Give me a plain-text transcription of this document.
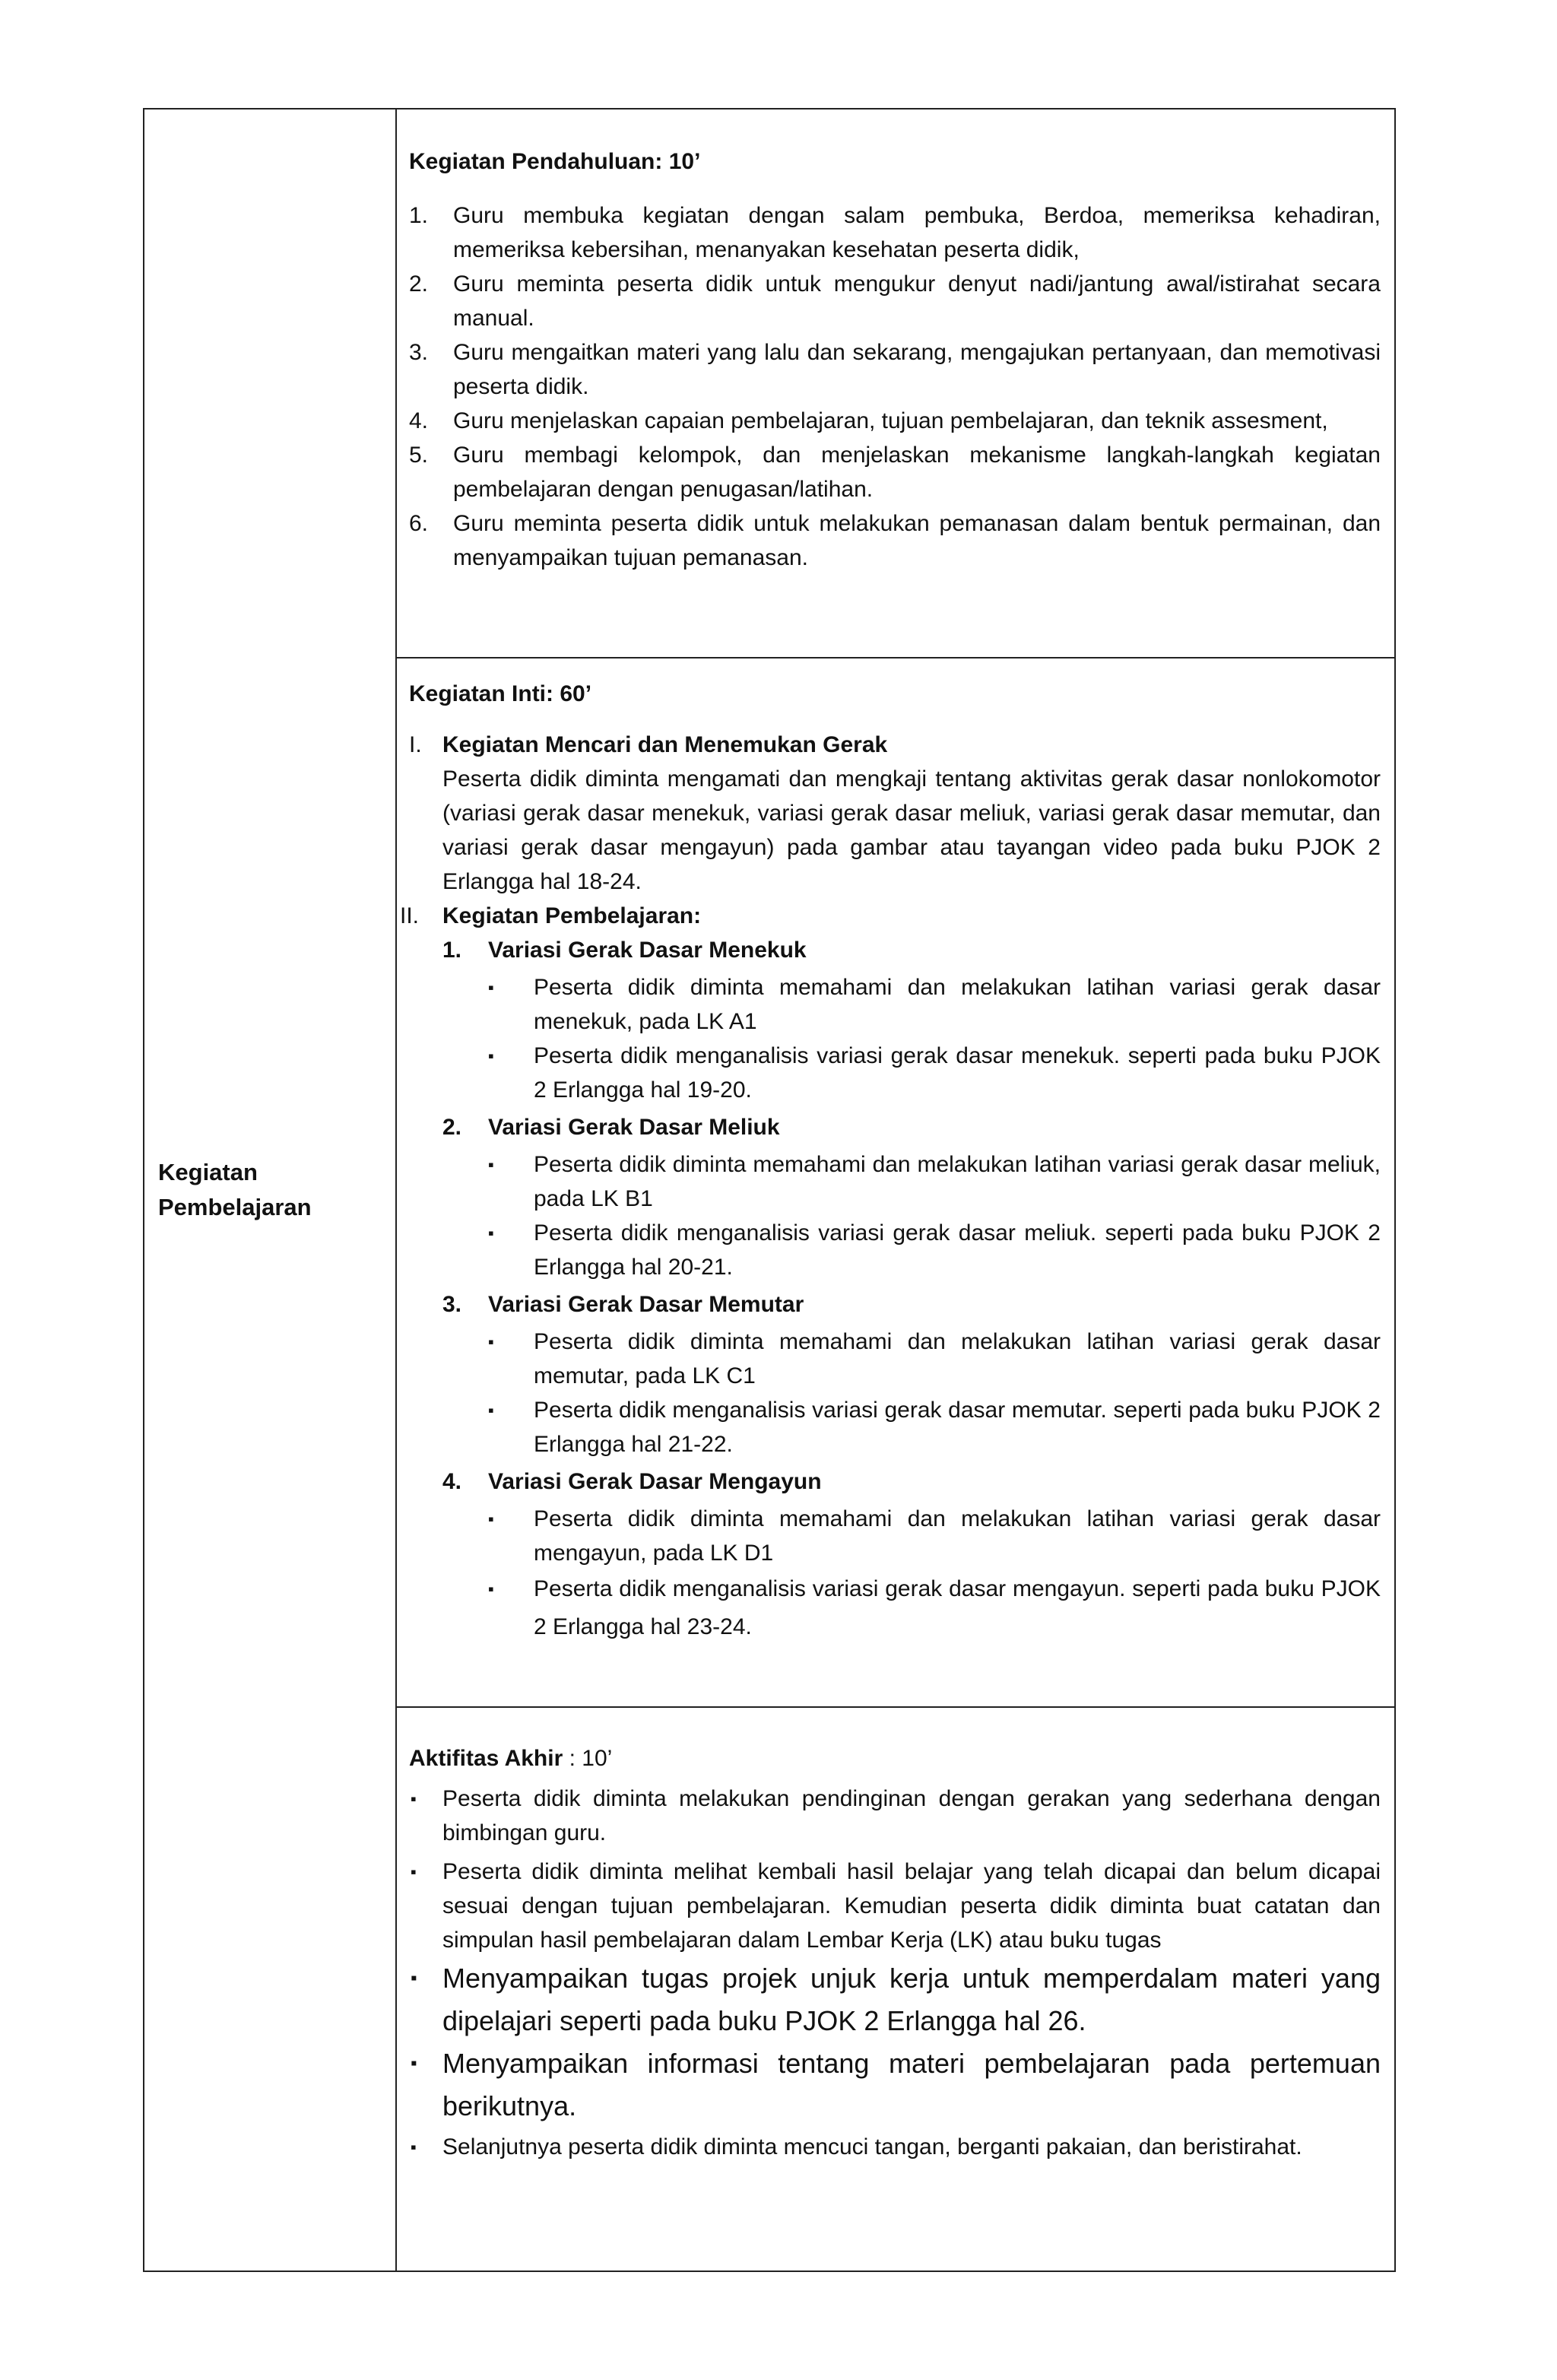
Kegiatan
Pembelajaran

Kegiatan Pendahuluan: 10’
1.	Guru membuka kegiatan dengan salam pembuka, Berdoa, memeriksa kehadiran, memeriksa kebersihan, menanyakan kesehatan peserta didik,
2.	Guru meminta peserta didik untuk mengukur denyut nadi/jantung awal/istirahat secara manual.
3.	Guru mengaitkan materi yang lalu dan sekarang, mengajukan pertanyaan, dan memotivasi peserta didik.
4.	Guru menjelaskan capaian pembelajaran, tujuan pembelajaran, dan teknik assesment,
5.	Guru membagi kelompok, dan menjelaskan mekanisme langkah-langkah kegiatan pembelajaran dengan penugasan/latihan.
6.	Guru meminta peserta didik untuk melakukan pemanasan dalam bentuk permainan, dan menyampaikan tujuan pemanasan.

Kegiatan Inti: 60’
I. Kegiatan Mencari dan Menemukan Gerak
Peserta didik diminta mengamati dan mengkaji tentang aktivitas gerak dasar nonlokomotor (variasi gerak dasar menekuk, variasi gerak dasar meliuk, variasi gerak dasar memutar, dan variasi gerak dasar mengayun) pada gambar atau tayangan video pada buku PJOK 2 Erlangga hal 18-24.
II. Kegiatan Pembelajaran:
1. Variasi Gerak Dasar Menekuk
▪	Peserta didik diminta memahami dan melakukan latihan variasi gerak dasar menekuk, pada LK A1
▪	Peserta didik menganalisis variasi gerak dasar menekuk. seperti pada buku PJOK 2 Erlangga hal 19-20.
2. Variasi Gerak Dasar Meliuk
▪	Peserta didik diminta memahami dan melakukan latihan variasi gerak dasar meliuk, pada LK B1
▪	Peserta didik menganalisis variasi gerak dasar meliuk. seperti pada buku PJOK 2 Erlangga hal 20-21.
3. Variasi Gerak Dasar Memutar
▪	Peserta didik diminta memahami dan melakukan latihan variasi gerak dasar memutar, pada LK C1
▪	Peserta didik menganalisis variasi gerak dasar memutar. seperti pada buku PJOK 2 Erlangga hal 21-22.
4. Variasi Gerak Dasar Mengayun
▪	Peserta didik diminta memahami dan melakukan latihan variasi gerak dasar mengayun, pada LK D1
▪	Peserta didik menganalisis variasi gerak dasar mengayun. seperti pada buku PJOK 2 Erlangga hal 23-24.

Aktifitas Akhir : 10’
▪ Peserta didik diminta melakukan pendinginan dengan gerakan yang sederhana dengan bimbingan guru.
▪ Peserta didik diminta melihat kembali hasil belajar yang telah dicapai dan belum dicapai sesuai dengan tujuan pembelajaran. Kemudian peserta didik diminta buat catatan dan simpulan hasil pembelajaran dalam Lembar Kerja (LK) atau buku tugas
▪ Menyampaikan tugas projek unjuk kerja untuk memperdalam materi yang dipelajari seperti pada buku PJOK 2 Erlangga hal 26.
▪ Menyampaikan informasi tentang materi pembelajaran pada pertemuan berikutnya.
▪ Selanjutnya peserta didik diminta mencuci tangan, berganti pakaian, dan beristirahat.
